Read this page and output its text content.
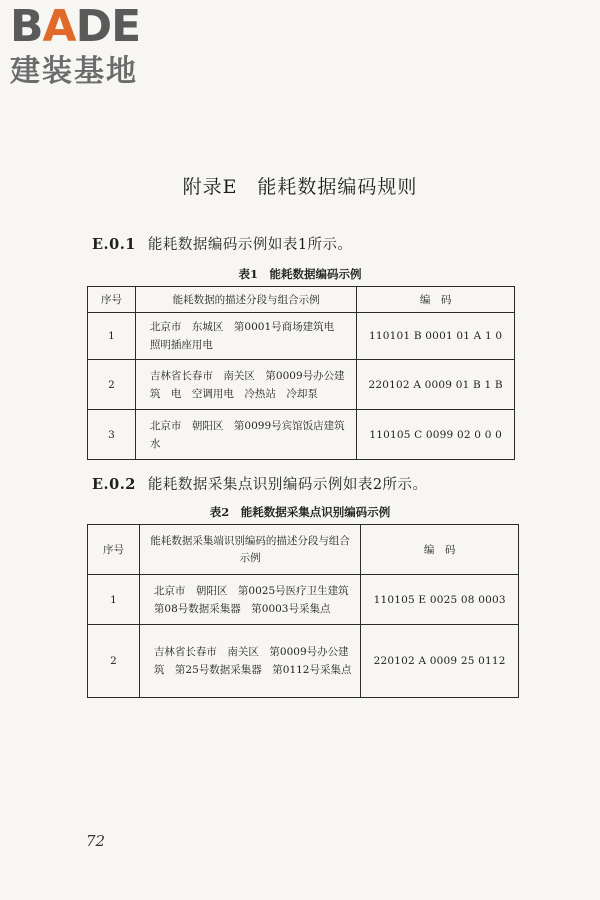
BADE
建装基地
附录E　能耗数据编码规则
E.0.1 能耗数据编码示例如表1所示。
表1　能耗数据编码示例
序号	能耗数据的描述分段与组合示例	编　码
1	北京市　东城区　第0001号商场建筑电　照明插座用电	110101 B 0001 01 A 1 0
2	吉林省长春市　南关区　第0009号办公建筑　电　空调用电　冷热站　冷却泵	220102 A 0009 01 B 1 B
3	北京市　朝阳区　第0099号宾馆饭店建筑　水	110105 C 0099 02 0 0 0
E.0.2 能耗数据采集点识别编码示例如表2所示。
表2　能耗数据采集点识别编码示例
序号	能耗数据采集端识别编码的描述分段与组合示例	编　码
1	北京市　朝阳区　第0025号医疗卫生建筑　第08号数据采集器　第0003号采集点	110105 E 0025 08 0003
2	吉林省长春市　南关区　第0009号办公建筑　第25号数据采集器　第0112号采集点	220102 A 0009 25 0112
72
